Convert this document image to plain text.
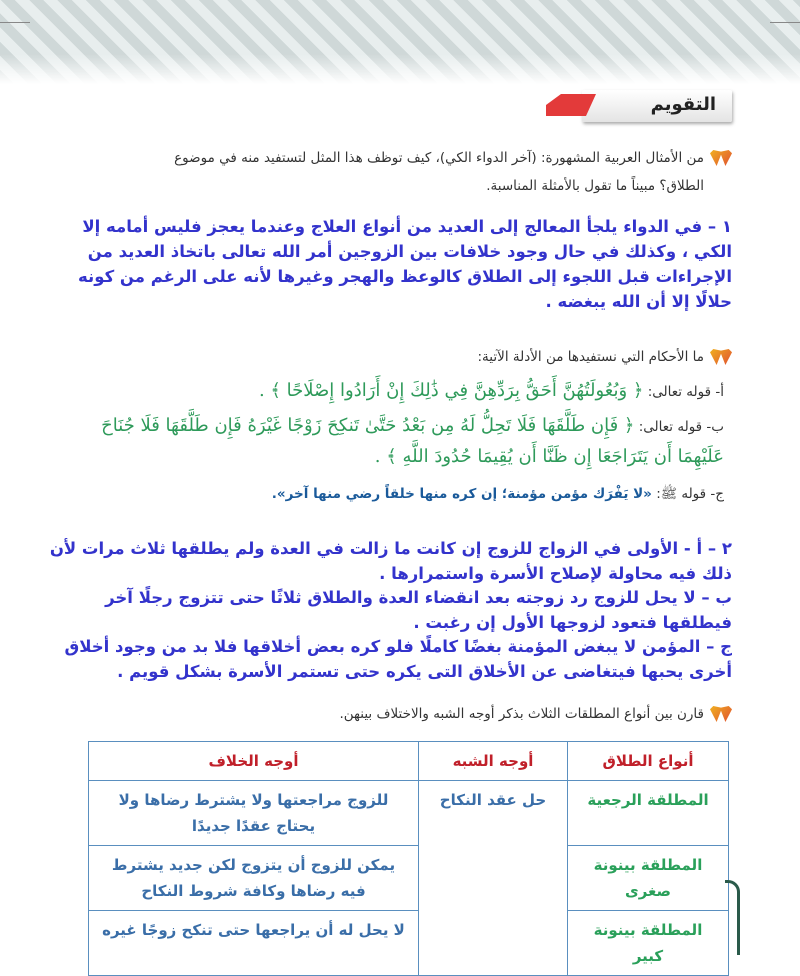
التقويم
من الأمثال العربية المشهورة: (آخر الدواء الكي)، كيف توظف هذا المثل لتستفيد منه في موضوع
الطلاق؟ مبيناً ما تقول بالأمثلة المناسبة.
١ – في الدواء يلجأ المعالج إلى العديد من أنواع العلاج وعندما يعجز فليس أمامه إلا الكي ، وكذلك في حال وجود خلافات بين الزوجين أمر الله تعالى باتخاذ العديد من الإجراءات قبل اللجوء إلى الطلاق كالوعظ والهجر وغيرها لأنه على الرغم من كونه حلالًا إلا أن الله يبغضه .
ما الأحكام التي نستفيدها من الأدلة الآتية:
أ- قوله تعالى: ﴿ وَبُعُولَتُهُنَّ أَحَقُّ بِرَدِّهِنَّ فِي ذَٰلِكَ إِنْ أَرَادُوا إِصْلَاحًا ﴾ .
ب- قوله تعالى: ﴿ فَإِن طَلَّقَهَا فَلَا تَحِلُّ لَهُ مِن بَعْدُ حَتَّىٰ تَنكِحَ زَوْجًا غَيْرَهُ فَإِن طَلَّقَهَا فَلَا جُنَاحَ عَلَيْهِمَا أَن يَتَرَاجَعَا إِن ظَنَّا أَن يُقِيمَا حُدُودَ اللَّهِ ﴾ .
ج- قوله ﷺ: «لا يَفْرَك مؤمن مؤمنة؛ إن كره منها خلقاً رضي منها آخر».
٢ – أ - الأولى في الزواج للزوج إن كانت ما زالت في العدة ولم يطلقها ثلاث مرات لأن ذلك فيه محاولة لإصلاح الأسرة واستمرارها .
ب – لا يحل للزوج رد زوجته بعد انقضاء العدة والطلاق ثلاثًا حتى تتزوج رجلًا آخر فيطلقها فتعود لزوجها الأول إن رغبت .
ج – المؤمن لا يبغض المؤمنة بغضًا كاملًا فلو كره بعض أخلاقها فلا بد من وجود أخلاق أخرى يحبها فيتغاضى عن الأخلاق التى يكره حتى تستمر الأسرة بشكل قويم .
قارن بين أنواع المطلقات الثلاث بذكر أوجه الشبه والاختلاف بينهن.
أنواع الطلاق	أوجه الشبه	أوجه الخلاف
المطلقة الرجعية	حل عقد النكاح	للزوج مراجعتها ولا يشترط رضاها ولا يحتاج عقدًا جديدًا
المطلقة بينونة صغرى		يمكن للزوج أن يتزوج لكن جديد يشترط فيه رضاها وكافة شروط النكاح
المطلقة بينونة كبير		لا يحل له أن يراجعها حتى تنكح زوجًا غيره
